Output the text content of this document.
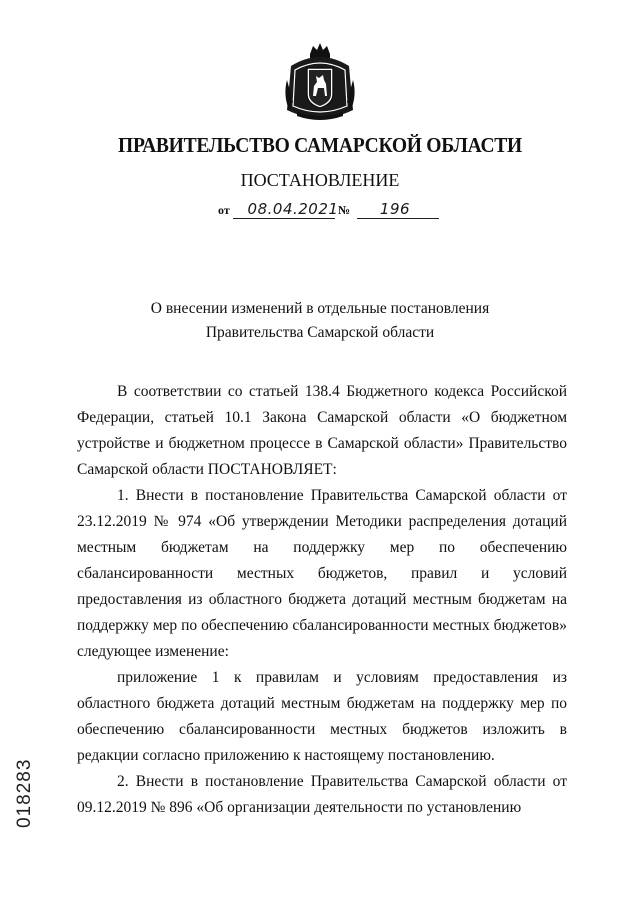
ПРАВИТЕЛЬСТВО САМАРСКОЙ ОБЛАСТИ
ПОСТАНОВЛЕНИЕ
от	08.04.2021 №	196
О внесении изменений в отдельные постановления
Правительства Самарской области

В соответствии со статьей 138.4 Бюджетного кодекса Российской Федерации, статьей 10.1 Закона Самарской области «О бюджетном устройстве и бюджетном процессе в Самарской области» Правительство Самарской области ПОСТАНОВЛЯЕТ:

1. Внести в постановление Правительства Самарской области от 23.12.2019 № 974 «Об утверждении Методики распределения дотаций местным бюджетам на поддержку мер по обеспечению сбалансированности местных бюджетов, правил и условий предоставления из областного бюджета дотаций местным бюджетам на поддержку мер по обеспечению сбалансированности местных бюджетов» следующее изменение:

приложение 1 к правилам и условиям предоставления из областного бюджета дотаций местным бюджетам на поддержку мер по обеспечению сбалансированности местных бюджетов изложить в редакции согласно приложению к настоящему постановлению.

2. Внести в постановление Правительства Самарской области от 09.12.2019 № 896 «Об организации деятельности по установлению

018283
